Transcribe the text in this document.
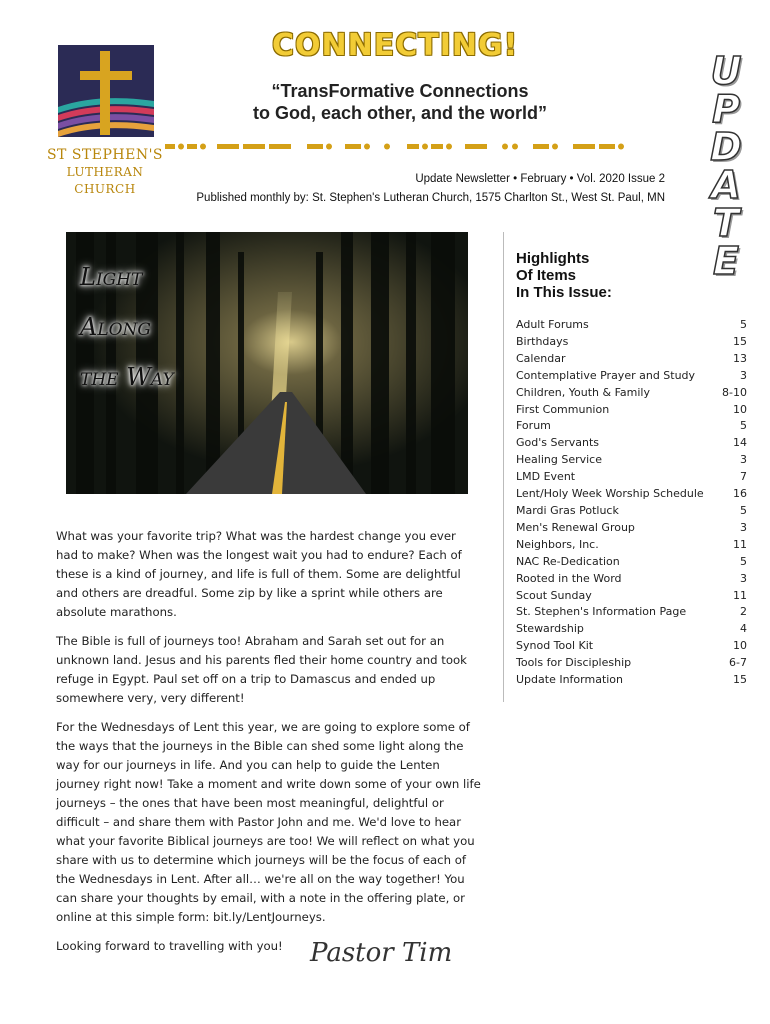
ST STEPHEN'S
LUTHERAN CHURCH
CONNECTING!
“TransFormative Connections
to God, each other, and the world”
Update Newsletter • February • Vol. 2020 Issue 2
Published monthly by: St. Stephen's Lutheran Church, 1575 Charlton St., West St. Paul, MN
U
P
D
A
T
E
Light
Along
the Way

What was your favorite trip? What was the hardest change you ever had to make? When was the longest wait you had to endure? Each of these is a kind of journey, and life is full of them. Some are delightful and others are dreadful. Some zip by like a sprint while others are absolute marathons.

The Bible is full of journeys too! Abraham and Sarah set out for an unknown land. Jesus and his parents fled their home country and took refuge in Egypt. Paul set off on a trip to Damascus and ended up somewhere very, very different!

For the Wednesdays of Lent this year, we are going to explore some of the ways that the journeys in the Bible can shed some light along the way for our journeys in life. And you can help to guide the Lenten journey right now! Take a moment and write down some of your own life journeys – the ones that have been most meaningful, delightful or difficult – and share them with Pastor John and me. We'd love to hear what your favorite Biblical journeys are too! We will reflect on what you share with us to determine which journeys will be the focus of each of the Wednesdays in Lent. After all… we're all on the way together! You can share your thoughts by email, with a note in the offering plate, or online at this simple form: bit.ly/LentJourneys.

Looking forward to travelling with you!	Pastor Tim
Highlights
Of Items
In This Issue:
Adult Forums	5
Birthdays	15
Calendar	13
Contemplative Prayer and Study	3
Children, Youth & Family	8-10
First Communion	10
Forum	5
God's Servants	14
Healing Service	3
LMD Event	7
Lent/Holy Week Worship Schedule	16
Mardi Gras Potluck	5
Men's Renewal Group	3
Neighbors, Inc.	11
NAC Re-Dedication	5
Rooted in the Word	3
Scout Sunday	11
St. Stephen's Information Page	2
Stewardship	4
Synod Tool Kit	10
Tools for Discipleship	6-7
Update Information	15
